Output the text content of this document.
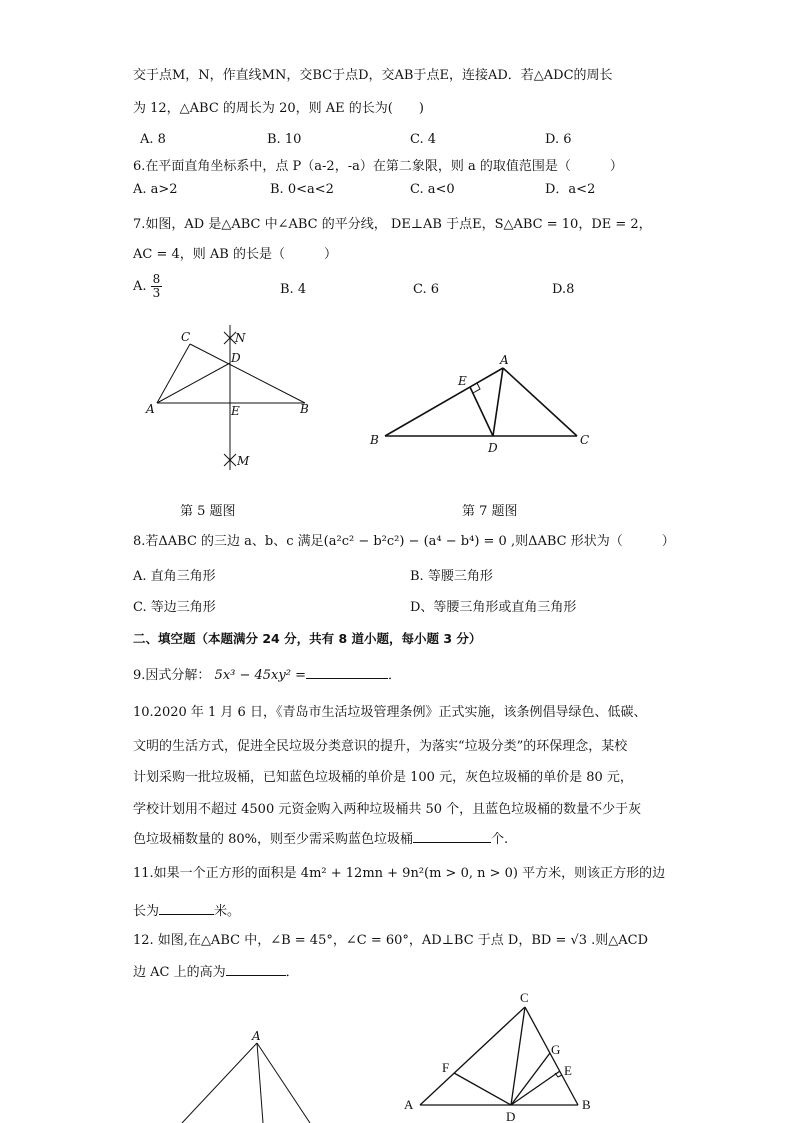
交于点M，N，作直线MN，交BC于点D，交AB于点E，连接AD．若△ADC的周长
为 12，△ABC 的周长为 20，则 AE 的长为(　　)
A. 8	B. 10	C. 4	D. 6
6.在平面直角坐标系中，点 P（a-2，-a）在第二象限，则 a 的取值范围是（　　　）
A. a>2	B. 0<a<2	C. a<0	D．a<2
7.如图，AD 是△ABC 中∠ABC 的平分线， DE⊥AB 于点E，S△ABC = 10，DE = 2，
AC = 4，则 AB 的长是（　　　）
A. $\frac{8}{3}$	B. 4	C. 6	D.8
C
D
N
A	E	B
M
A
E
B
D
C
第 5 题图	第 7 题图
8.若ΔABC 的三边 a、b、c 满足(a²c² − b²c²) − (a⁴ − b⁴) = 0 ,则ΔABC 形状为（　　　）
A. 直角三角形	B. 等腰三角形
C. 等边三角形	D、等腰三角形或直角三角形
二、填空题（本题满分 24 分，共有 8 道小题，每小题 3 分）
9.因式分解： 5x³ − 45xy² =	．
10.2020 年 1 月 6 日，《青岛市生活垃圾管理条例》正式实施，该条例倡导绿色、低碳、
文明的生活方式，促进全民垃圾分类意识的提升，为落实“垃圾分类”的环保理念，某校
计划采购一批垃圾桶，已知蓝色垃圾桶的单价是 100 元，灰色垃圾桶的单价是 80 元，
学校计划用不超过 4500 元资金购入两种垃圾桶共 50 个，且蓝色垃圾桶的数量不少于灰
色垃圾桶数量的 80%，则至少需采购蓝色垃圾桶	个.
11.如果一个正方形的面积是 4m² + 12mn + 9n²(m > 0, n > 0) 平方米，则该正方形的边
长为	米。
12. 如图,在△ABC 中，∠B = 45°，∠C = 60°，AD⊥BC 于点 D，BD = √3 .则△ACD
边 AC 上的高为	．
A
C
F
G
E
A
D
B
